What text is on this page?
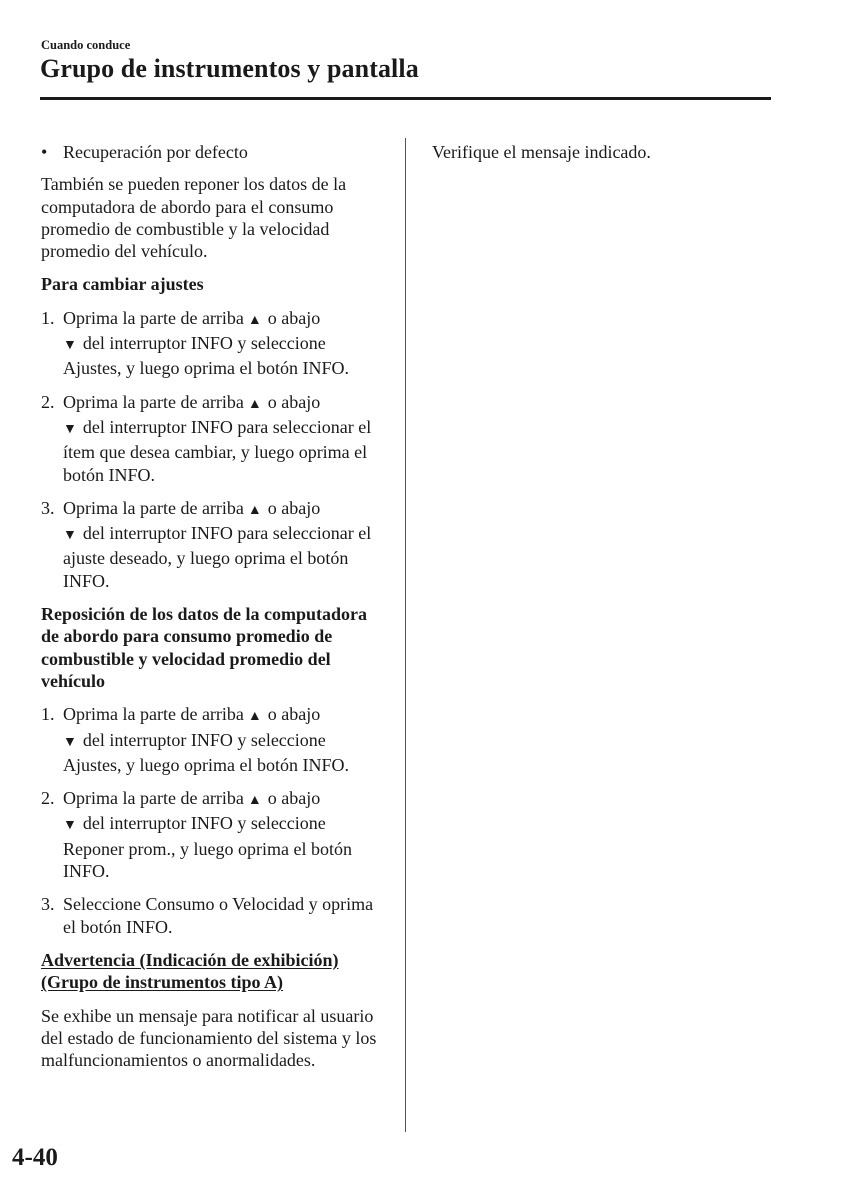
Cuando conduce
Grupo de instrumentos y pantalla
• Recuperación por defecto

También se pueden reponer los datos de la computadora de abordo para el consumo promedio de combustible y la velocidad promedio del vehículo.

Para cambiar ajustes

1. Oprima la parte de arriba ▲ o abajo
▼ del interruptor INFO y seleccione Ajustes, y luego oprima el botón INFO.
2. Oprima la parte de arriba ▲ o abajo
▼ del interruptor INFO para seleccionar el ítem que desea cambiar, y luego oprima el botón INFO.
3. Oprima la parte de arriba ▲ o abajo
▼ del interruptor INFO para seleccionar el ajuste deseado, y luego oprima el botón INFO.

Reposición de los datos de la computadora de abordo para consumo promedio de combustible y velocidad promedio del vehículo

1. Oprima la parte de arriba ▲ o abajo
▼ del interruptor INFO y seleccione Ajustes, y luego oprima el botón INFO.
2. Oprima la parte de arriba ▲ o abajo
▼ del interruptor INFO y seleccione Reponer prom., y luego oprima el botón INFO.
3. Seleccione Consumo o Velocidad y oprima el botón INFO.

Advertencia (Indicación de exhibición)
(Grupo de instrumentos tipo A)

Se exhibe un mensaje para notificar al usuario del estado de funcionamiento del sistema y los malfuncionamientos o anormalidades.

Verifique el mensaje indicado.

4-40
